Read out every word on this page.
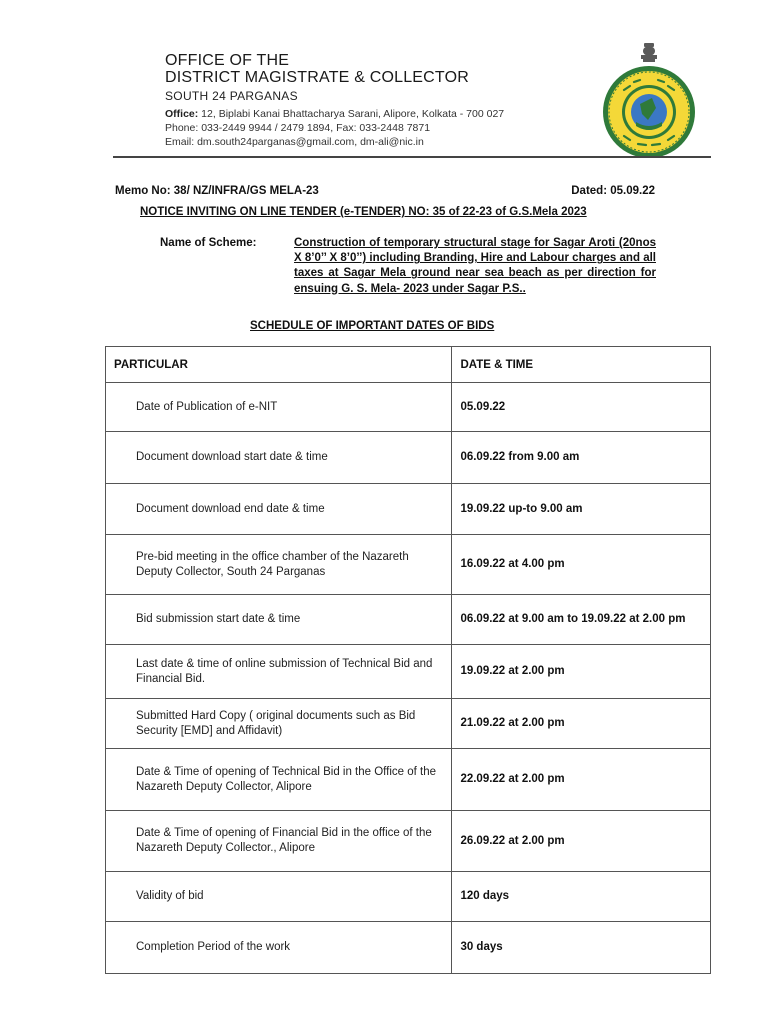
OFFICE OF THE
DISTRICT MAGISTRATE & COLLECTOR
SOUTH 24 PARGANAS
Office: 12, Biplabi Kanai Bhattacharya Sarani, Alipore, Kolkata - 700 027
Phone: 033-2449 9944 / 2479 1894, Fax: 033-2448 7871
Email: dm.south24parganas@gmail.com, dm-ali@nic.in
Memo No: 38/ NZ/INFRA/GS MELA-23	Dated: 05.09.22
NOTICE INVITING ON LINE TENDER (e-TENDER) NO: 35 of 22-23 of G.S.Mela 2023
Name of Scheme:	Construction of temporary structural stage for Sagar Aroti (20nos X 8’0’’ X 8’0’’) including Branding, Hire and Labour charges and all taxes at Sagar Mela ground near sea beach as per direction for ensuing G. S. Mela- 2023 under Sagar P.S..
SCHEDULE OF IMPORTANT DATES OF BIDS
PARTICULAR	DATE & TIME
Date of Publication of e-NIT	05.09.22
Document download start date & time	06.09.22 from 9.00 am
Document download end date & time	19.09.22 up-to 9.00 am
Pre-bid meeting in the office chamber of the Nazareth Deputy Collector, South 24 Parganas	16.09.22 at 4.00 pm
Bid submission start date & time	06.09.22 at 9.00 am to 19.09.22 at 2.00 pm
Last date & time of online submission of Technical Bid and Financial Bid.	19.09.22 at 2.00 pm
Submitted Hard Copy ( original documents such as Bid Security [EMD] and Affidavit)	21.09.22 at 2.00 pm
Date & Time of opening of Technical Bid in the Office of the Nazareth Deputy Collector, Alipore	22.09.22 at 2.00 pm
Date & Time of opening of Financial Bid in the office of the Nazareth Deputy Collector., Alipore	26.09.22 at 2.00 pm
Validity of bid	120 days
Completion Period of the work	30 days
